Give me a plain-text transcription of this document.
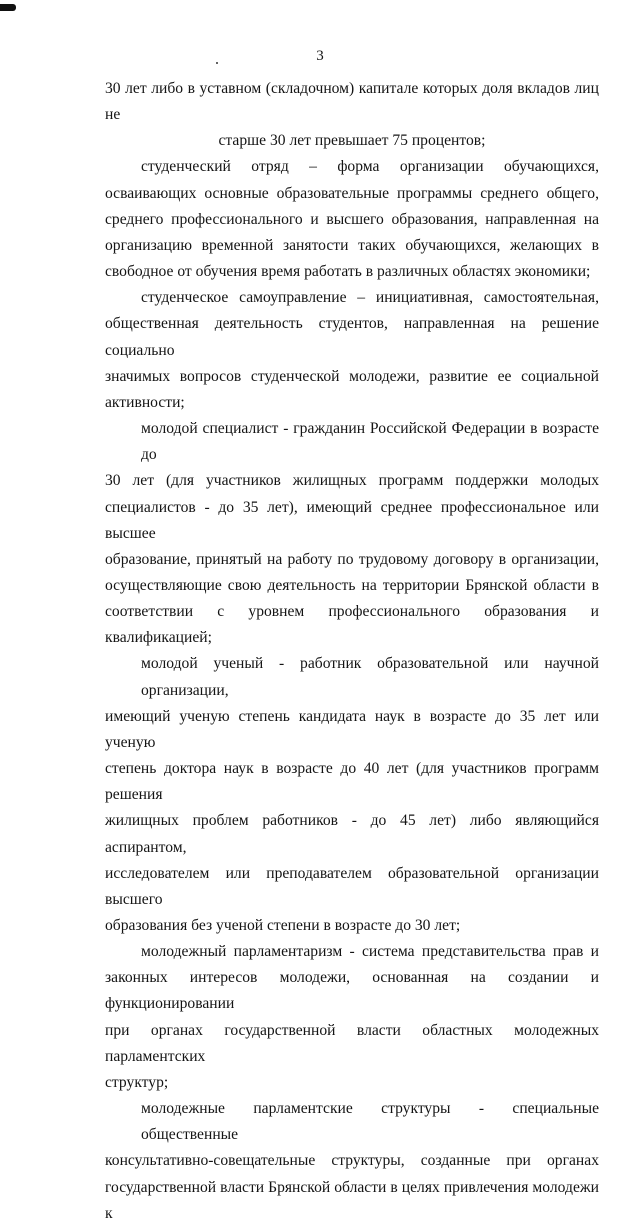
3
30 лет либо в уставном (складочном) капитале которых доля вкладов лиц не
старше 30 лет превышает 75 процентов;
студенческий отряд – форма организации обучающихся,
осваивающих основные образовательные программы среднего общего,
среднего профессионального и высшего образования, направленная на
организацию временной занятости таких обучающихся, желающих в
свободное от обучения время работать в различных областях экономики;
студенческое самоуправление – инициативная, самостоятельная,
общественная деятельность студентов, направленная на решение социально
значимых вопросов студенческой молодежи, развитие ее социальной
активности;
молодой специалист - гражданин Российской Федерации в возрасте до
30 лет (для участников жилищных программ поддержки молодых
специалистов - до 35 лет), имеющий среднее профессиональное или высшее
образование, принятый на работу по трудовому договору в организации,
осуществляющие свою деятельность на территории Брянской области в
соответствии с уровнем профессионального образования и квалификацией;
молодой ученый - работник образовательной или научной организации,
имеющий ученую степень кандидата наук в возрасте до 35 лет или ученую
степень доктора наук в возрасте до 40 лет (для участников программ решения
жилищных проблем работников - до 45 лет) либо являющийся аспирантом,
исследователем или преподавателем образовательной организации высшего
образования без ученой степени в возрасте до 30 лет;
молодежный парламентаризм - система представительства прав и
законных интересов молодежи, основанная на создании и функционировании
при органах государственной власти областных молодежных парламентских
структур;
молодежные парламентские структуры - специальные общественные
консультативно-совещательные структуры, созданные при органах
государственной власти Брянской области в целях привлечения молодежи к
